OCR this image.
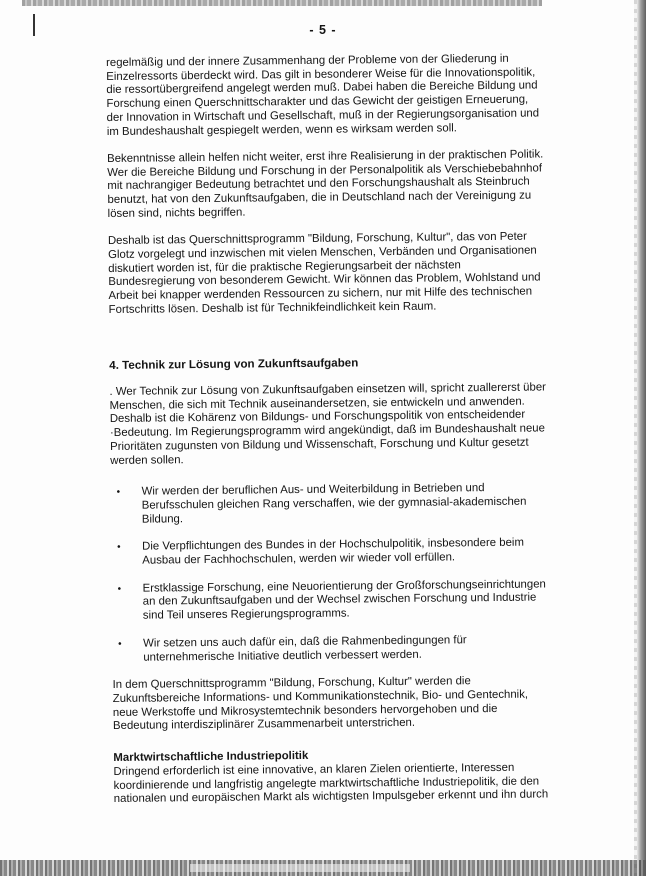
- 5 -

regelmäßig und der innere Zusammenhang der Probleme von der Gliederung in Einzelressorts überdeckt wird. Das gilt in besonderer Weise für die Innovationspolitik, die ressortübergreifend angelegt werden muß. Dabei haben die Bereiche Bildung und Forschung einen Querschnittscharakter und das Gewicht der geistigen Erneuerung, der Innovation in Wirtschaft und Gesellschaft, muß in der Regierungsorganisation und im Bundeshaushalt gespiegelt werden, wenn es wirksam werden soll.

Bekenntnisse allein helfen nicht weiter, erst ihre Realisierung in der praktischen Politik. Wer die Bereiche Bildung und Forschung in der Personalpolitik als Verschiebebahnhof mit nachrangiger Bedeutung betrachtet und den Forschungshaushalt als Steinbruch benutzt, hat von den Zukunftsaufgaben, die in Deutschland nach der Vereinigung zu lösen sind, nichts begriffen.

Deshalb ist das Querschnittsprogramm "Bildung, Forschung, Kultur", das von Peter Glotz vorgelegt und inzwischen mit vielen Menschen, Verbänden und Organisationen diskutiert worden ist, für die praktische Regierungsarbeit der nächsten Bundesregierung von besonderem Gewicht. Wir können das Problem, Wohlstand und Arbeit bei knapper werdenden Ressourcen zu sichern, nur mit Hilfe des technischen Fortschritts lösen. Deshalb ist für Technikfeindlichkeit kein Raum.

4. Technik zur Lösung von Zukunftsaufgaben

. Wer Technik zur Lösung von Zukunftsaufgaben einsetzen will, spricht zuallererst über Menschen, die sich mit Technik auseinandersetzen, sie entwickeln und anwenden. Deshalb ist die Kohärenz von Bildungs- und Forschungspolitik von entscheidender ·Bedeutung. Im Regierungsprogramm wird angekündigt, daß im Bundeshaushalt neue Prioritäten zugunsten von Bildung und Wissenschaft, Forschung und Kultur gesetzt werden sollen.

• Wir werden der beruflichen Aus- und Weiterbildung in Betrieben und Berufsschulen gleichen Rang verschaffen, wie der gymnasial-akademischen Bildung.
• Die Verpflichtungen des Bundes in der Hochschulpolitik, insbesondere beim Ausbau der Fachhochschulen, werden wir wieder voll erfüllen.
• Erstklassige Forschung, eine Neuorientierung der Großforschungseinrichtungen an den Zukunftsaufgaben und der Wechsel zwischen Forschung und Industrie sind Teil unseres Regierungsprogramms.
• Wir setzen uns auch dafür ein, daß die Rahmenbedingungen für unternehmerische Initiative deutlich verbessert werden.

In dem Querschnittsprogramm "Bildung, Forschung, Kultur" werden die Zukunftsbereiche Informations- und Kommunikationstechnik, Bio- und Gentechnik, neue Werkstoffe und Mikrosystemtechnik besonders hervorgehoben und die Bedeutung interdisziplinärer Zusammenarbeit unterstrichen.

Marktwirtschaftliche Industriepolitik

Dringend erforderlich ist eine innovative, an klaren Zielen orientierte, Interessen koordinierende und langfristig angelegte marktwirtschaftliche Industriepolitik, die den nationalen und europäischen Markt als wichtigsten Impulsgeber erkennt und ihn durch
